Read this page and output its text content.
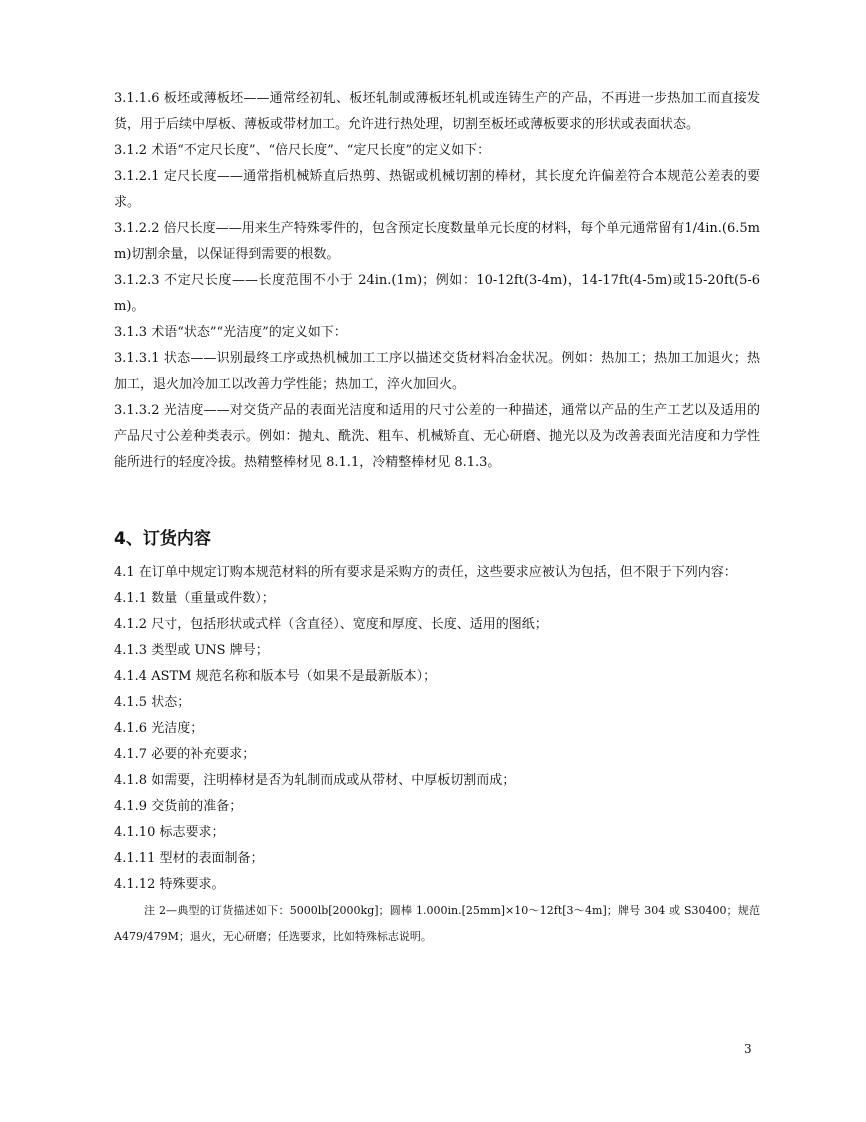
3.1.1.6 板坯或薄板坯——通常经初轧、板坯轧制或薄板坯轧机或连铸生产的产品，不再进一步热加工而直接发货，用于后续中厚板、薄板或带材加工。允许进行热处理，切割至板坯或薄板要求的形状或表面状态。

3.1.2 术语“不定尺长度”、“倍尺长度”、“定尺长度”的定义如下：

3.1.2.1 定尺长度——通常指机械矫直后热剪、热锯或机械切割的棒材，其长度允许偏差符合本规范公差表的要求。

3.1.2.2 倍尺长度——用来生产特殊零件的，包含预定长度数量单元长度的材料，每个单元通常留有1/4in.(6.5mm)切割余量，以保证得到需要的根数。

3.1.2.3 不定尺长度——长度范围不小于 24in.(1m)；例如：10-12ft(3-4m)，14-17ft(4-5m)或15-20ft(5-6m)。

3.1.3 术语“状态”“光洁度”的定义如下：

3.1.3.1 状态——识别最终工序或热机械加工工序以描述交货材料冶金状况。例如：热加工；热加工加退火；热加工，退火加冷加工以改善力学性能；热加工，淬火加回火。

3.1.3.2 光洁度——对交货产品的表面光洁度和适用的尺寸公差的一种描述，通常以产品的生产工艺以及适用的产品尺寸公差种类表示。例如：抛丸、酰洗、粗车、机械矫直、无心研磨、抛光以及为改善表面光洁度和力学性能所进行的轻度冷拔。热精整棒材见 8.1.1，冷精整棒材见 8.1.3。

4、订货内容

4.1 在订单中规定订购本规范材料的所有要求是采购方的责任，这些要求应被认为包括，但不限于下列内容：

4.1.1 数量（重量或件数）；

4.1.2 尺寸，包括形状或式样（含直径）、宽度和厚度、长度、适用的图纸；

4.1.3 类型或 UNS 牌号；

4.1.4 ASTM 规范名称和版本号（如果不是最新版本）；

4.1.5 状态；

4.1.6 光洁度；

4.1.7 必要的补充要求；

4.1.8 如需要，注明棒材是否为轧制而成或从带材、中厚板切割而成；

4.1.9 交货前的准备；

4.1.10 标志要求；

4.1.11 型材的表面制备；

4.1.12 特殊要求。

注 2—典型的订货描述如下：5000lb[2000kg]；圆棒 1.000in.[25mm]×10～12ft[3～4m]；牌号 304 或 S30400；规范 A479/479M；退火，无心研磨；任选要求，比如特殊标志说明。

3
